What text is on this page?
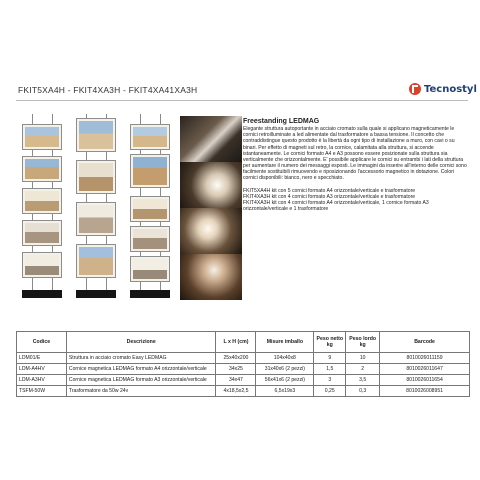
FKIT5XA4H - FKIT4XA3H - FKIT4XA41XA3H	Tecnostyl
Freestanding LEDMAG

Elegante struttura autoportante in acciaio cromato sulla quale si applicano magneticamente le cornici retroilluminate a led alimentate dal trasformatore a bassa tensione. Il concetto che contraddistingue questo prodotto è la libertà da ogni tipo di installazione a muro, con cavi o su binari. Per effetto di magneti sul retro, la cornice, calamitata alla struttura, si accende istantaneamente. Le cornici formato A4 e A3 possono essere posizionate sulla struttura sia verticalmente che orizzontalmente. E' possibile applicare le cornici su entrambi i lati della struttura per aumentare il numero dei messaggi esposti. Le immagini da inserire all'interno delle cornici sono facilmente sostituibili rimuovendo e riposizionando l'accessorio magnetico in dotazione. Colori cornici disponibili: bianco, nero e specchiato.

FKIT5XA4H kit con 5 cornici formato A4 orizzontale/verticale e trasformatore

FKIT4XA3H kit con 4 cornici formato A3 orizzontale/verticale e trasformatore

FKIT4XA3H kit con 4 cornici formato A4 orizzontale/verticale, 1 cornice formato A3 orizzontale/verticale e 1 trasformatore

Codice	Descrizione	L x H (cm)	Misure imballo	Peso netto kg	Peso lordo kg	Barcode
LDM01/E	Struttura in acciaio cromato Easy LEDMAG	25x40x200	104x40x8	9	10	8010026011159
LDM-A4HV	Cornice magnetica LEDMAG formato A4 orizzontale/verticale	34x25	31x40x6 (2 pezzi)	1,5	2	8010026011647
LDM-A3HV	Cornice magnetica LEDMAG formato A3 orizzontale/verticale	34x47	56x41x6 (2 pezzi)	3	3,5	8010026011654
TSFM-50W	Trasformatore da 50w 24v	4x18,5x2,5	6,5x19x3	0,25	0,3	8010026008951
